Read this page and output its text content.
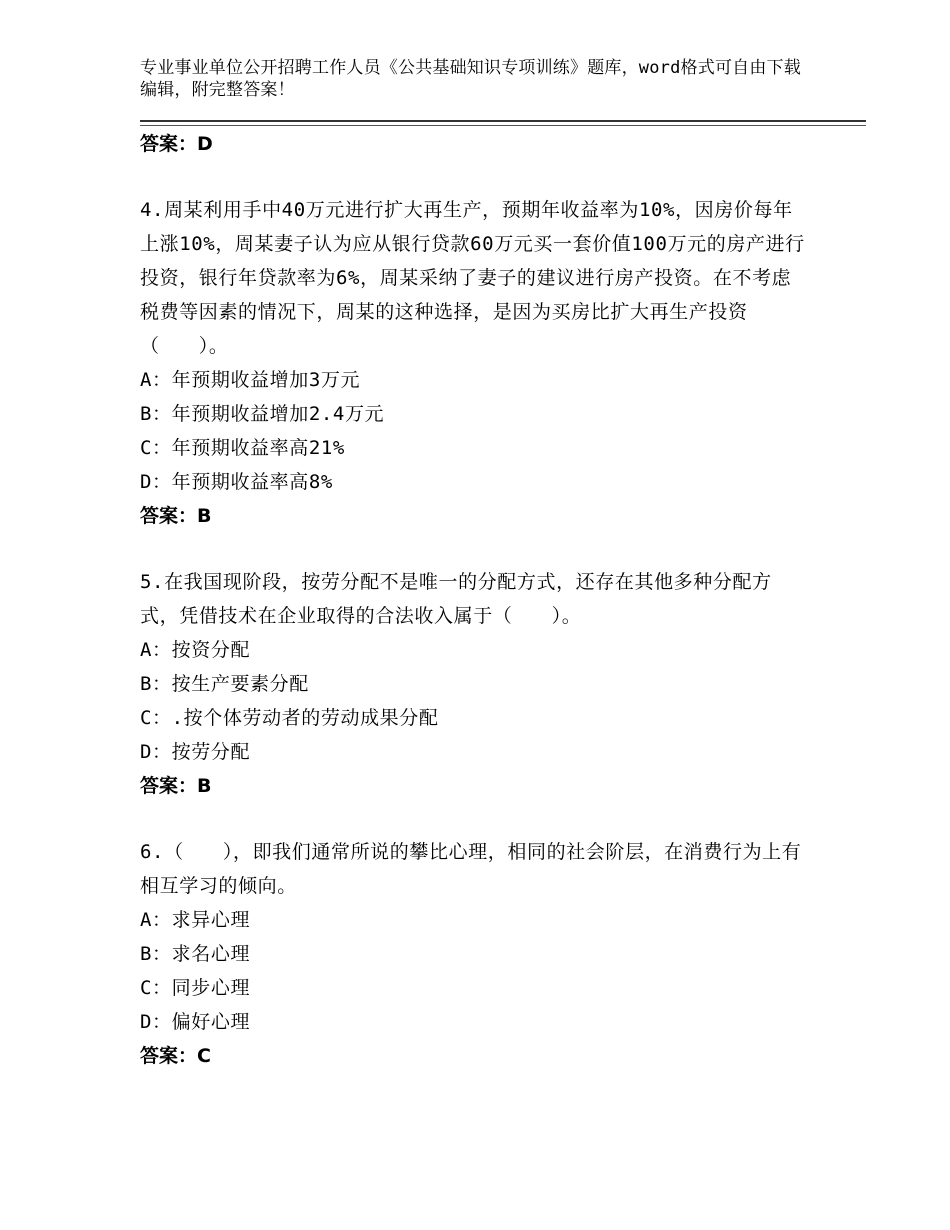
专业事业单位公开招聘工作人员《公共基础知识专项训练》题库，word格式可自由下载编辑，附完整答案！

答案：D

4.周某利用手中40万元进行扩大再生产，预期年收益率为10%，因房价每年上涨10%，周某妻子认为应从银行贷款60万元买一套价值100万元的房产进行投资，银行年贷款率为6%，周某采纳了妻子的建议进行房产投资。在不考虑税费等因素的情况下，周某的这种选择，是因为买房比扩大再生产投资（　　）。

A：年预期收益增加3万元

B：年预期收益增加2.4万元

C：年预期收益率高21%

D：年预期收益率高8%

答案：B

5.在我国现阶段，按劳分配不是唯一的分配方式，还存在其他多种分配方式，凭借技术在企业取得的合法收入属于（　　）。

A：按资分配

B：按生产要素分配

C：.按个体劳动者的劳动成果分配

D：按劳分配

答案：B

6.（　　），即我们通常所说的攀比心理，相同的社会阶层，在消费行为上有相互学习的倾向。

A：求异心理

B：求名心理

C：同步心理

D：偏好心理

答案：C
